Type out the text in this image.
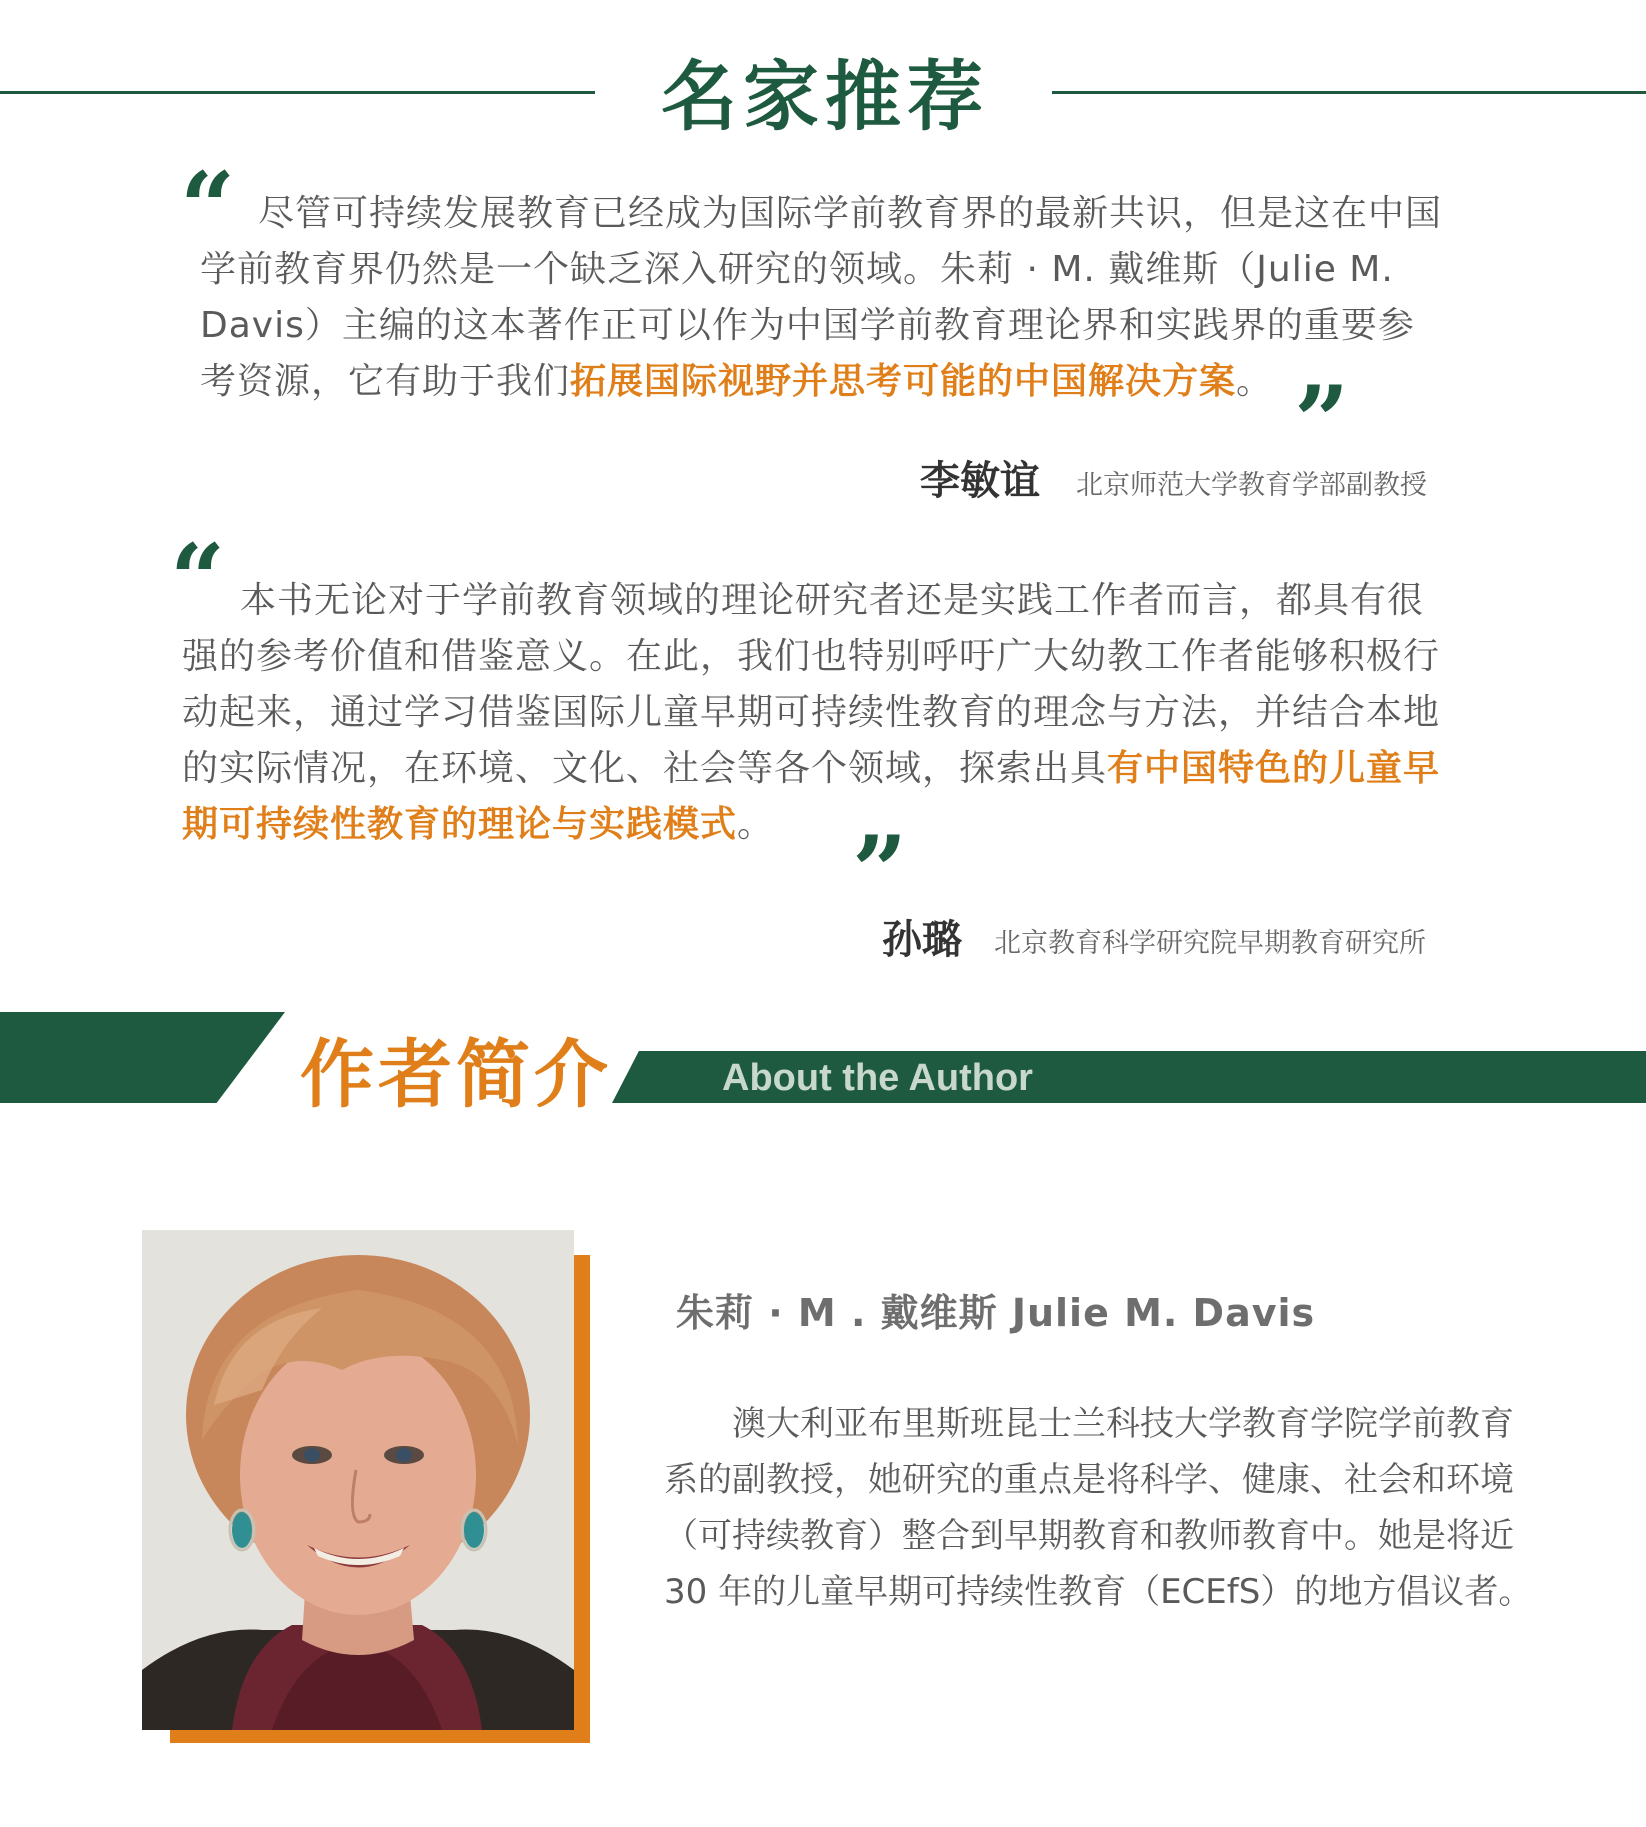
名家推荐
“ 尽管可持续发展教育已经成为国际学前教育界的最新共识，但是这在中国学前教育界仍然是一个缺乏深入研究的领域。朱莉 · M. 戴维斯（Julie M. Davis）主编的这本著作正可以作为中国学前教育理论界和实践界的重要参考资源，它有助于我们拓展国际视野并思考可能的中国解决方案。 ”
李敏谊 北京师范大学教育学部副教授
“ 本书无论对于学前教育领域的理论研究者还是实践工作者而言，都具有很强的参考价值和借鉴意义。在此，我们也特别呼吁广大幼教工作者能够积极行动起来，通过学习借鉴国际儿童早期可持续性教育的理念与方法，并结合本地的实际情况，在环境、文化、社会等各个领域，探索出具有中国特色的儿童早期可持续性教育的理论与实践模式。 ”
孙璐 北京教育科学研究院早期教育研究所
作者简介	About the Author
朱莉 · M . 戴维斯 Julie M. Davis

澳大利亚布里斯班昆士兰科技大学教育学院学前教育系的副教授，她研究的重点是将科学、健康、社会和环境（可持续教育）整合到早期教育和教师教育中。她是将近30 年的儿童早期可持续性教育（ECEfS）的地方倡议者。
